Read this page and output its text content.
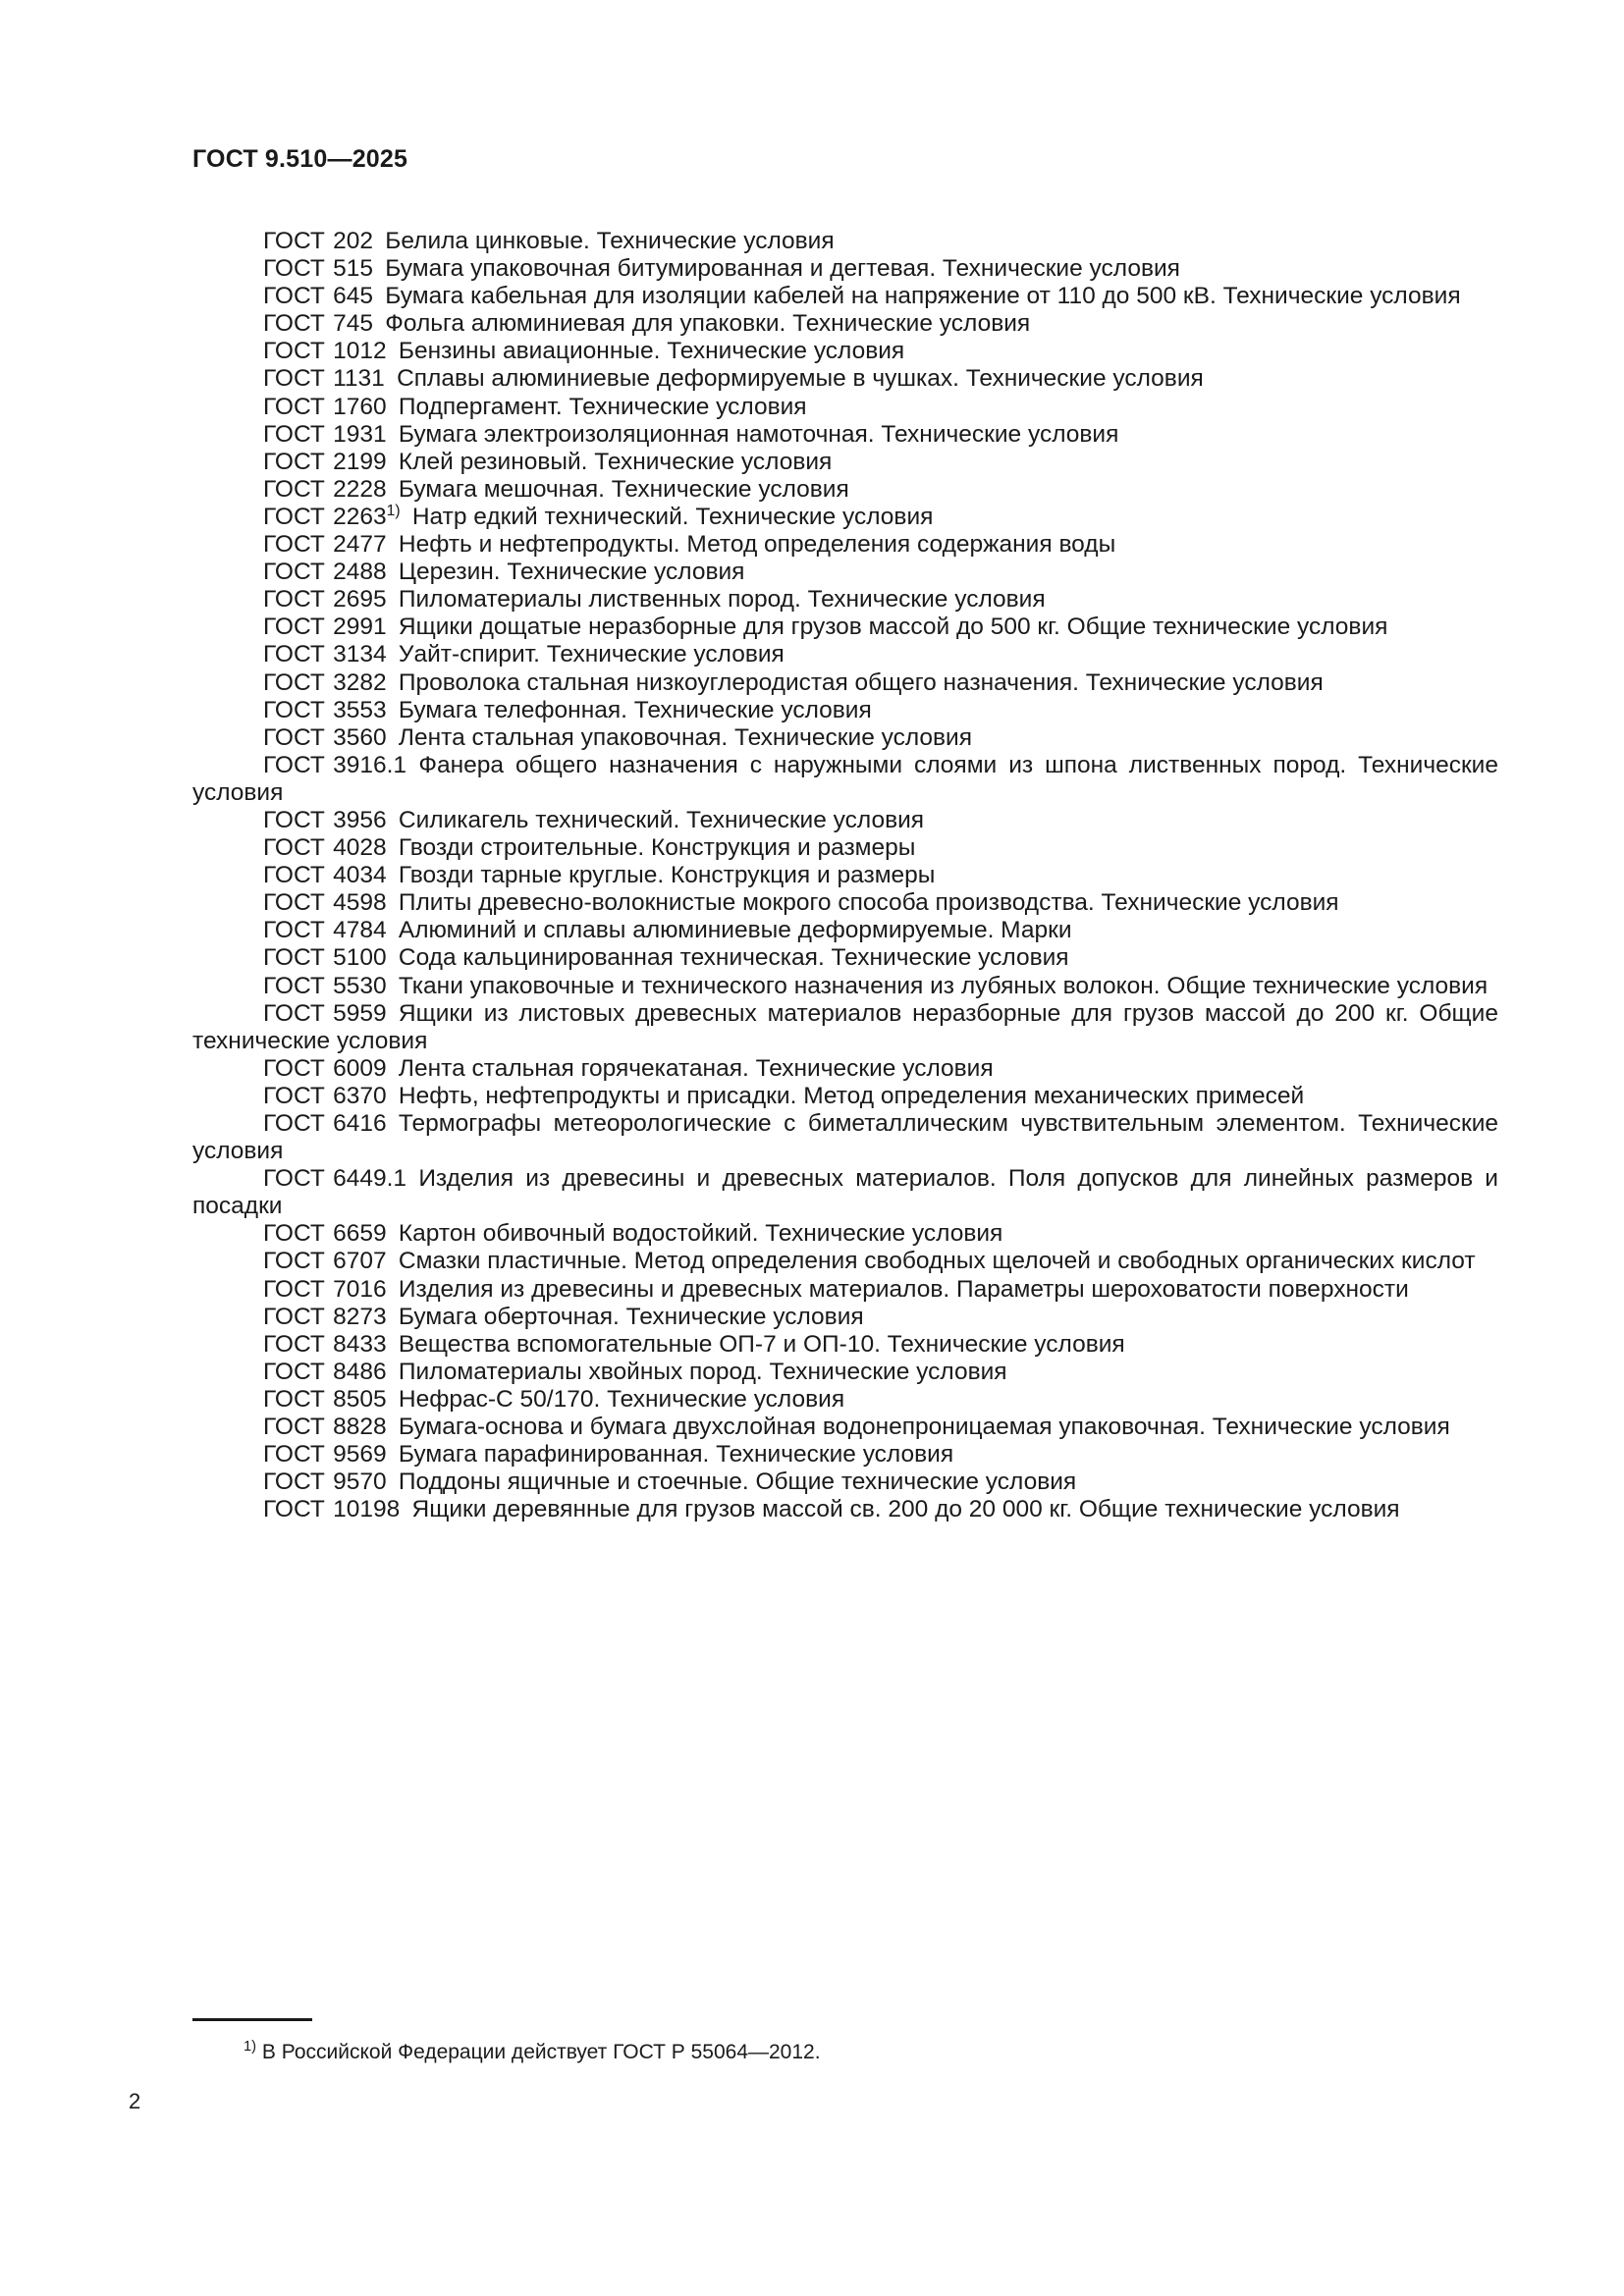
ГОСТ 9.510—2025

ГОСТ 202  Белила цинковые. Технические условия

ГОСТ 515  Бумага упаковочная битумированная и дегтевая. Технические условия

ГОСТ 645  Бумага кабельная для изоляции кабелей на напряжение от 110 до 500 кВ. Технические условия

ГОСТ 745  Фольга алюминиевая для упаковки. Технические условия

ГОСТ 1012  Бензины авиационные. Технические условия

ГОСТ 1131  Сплавы алюминиевые деформируемые в чушках. Технические условия

ГОСТ 1760  Подпергамент. Технические условия

ГОСТ 1931  Бумага электроизоляционная намоточная. Технические условия

ГОСТ 2199  Клей резиновый. Технические условия

ГОСТ 2228  Бумага мешочная. Технические условия

ГОСТ 2263$^{1)}$  Натр едкий технический. Технические условия

ГОСТ 2477  Нефть и нефтепродукты. Метод определения содержания воды

ГОСТ 2488  Церезин. Технические условия

ГОСТ 2695  Пиломатериалы лиственных пород. Технические условия

ГОСТ 2991  Ящики дощатые неразборные для грузов массой до 500 кг. Общие технические условия

ГОСТ 3134  Уайт-спирит. Технические условия

ГОСТ 3282  Проволока стальная низкоуглеродистая общего назначения. Технические условия

ГОСТ 3553  Бумага телефонная. Технические условия

ГОСТ 3560  Лента стальная упаковочная. Технические условия

ГОСТ 3916.1  Фанера общего назначения с наружными слоями из шпона лиственных пород. Технические условия

ГОСТ 3956  Силикагель технический. Технические условия

ГОСТ 4028  Гвозди строительные. Конструкция и размеры

ГОСТ 4034  Гвозди тарные круглые. Конструкция и размеры

ГОСТ 4598  Плиты древесно-волокнистые мокрого способа производства. Технические условия

ГОСТ 4784  Алюминий и сплавы алюминиевые деформируемые. Марки

ГОСТ 5100  Сода кальцинированная техническая. Технические условия

ГОСТ 5530  Ткани упаковочные и технического назначения из лубяных волокон. Общие технические условия

ГОСТ 5959  Ящики из листовых древесных материалов неразборные для грузов массой до 200 кг. Общие технические условия

ГОСТ 6009  Лента стальная горячекатаная. Технические условия

ГОСТ 6370  Нефть, нефтепродукты и присадки. Метод определения механических примесей

ГОСТ 6416  Термографы метеорологические с биметаллическим чувствительным элементом. Технические условия

ГОСТ 6449.1  Изделия из древесины и древесных материалов. Поля допусков для линейных размеров и посадки

ГОСТ 6659  Картон обивочный водостойкий. Технические условия

ГОСТ 6707  Смазки пластичные. Метод определения свободных щелочей и свободных органических кислот

ГОСТ 7016  Изделия из древесины и древесных материалов. Параметры шероховатости поверхности

ГОСТ 8273  Бумага оберточная. Технические условия

ГОСТ 8433  Вещества вспомогательные ОП-7 и ОП-10. Технические условия

ГОСТ 8486  Пиломатериалы хвойных пород. Технические условия

ГОСТ 8505  Нефрас-С 50/170. Технические условия

ГОСТ 8828  Бумага-основа и бумага двухслойная водонепроницаемая упаковочная. Технические условия

ГОСТ 9569  Бумага парафинированная. Технические условия

ГОСТ 9570  Поддоны ящичные и стоечные. Общие технические условия

ГОСТ 10198  Ящики деревянные для грузов массой св. 200 до 20 000 кг. Общие технические условия

$^{1)}$ В Российской Федерации действует ГОСТ Р 55064—2012.
2
